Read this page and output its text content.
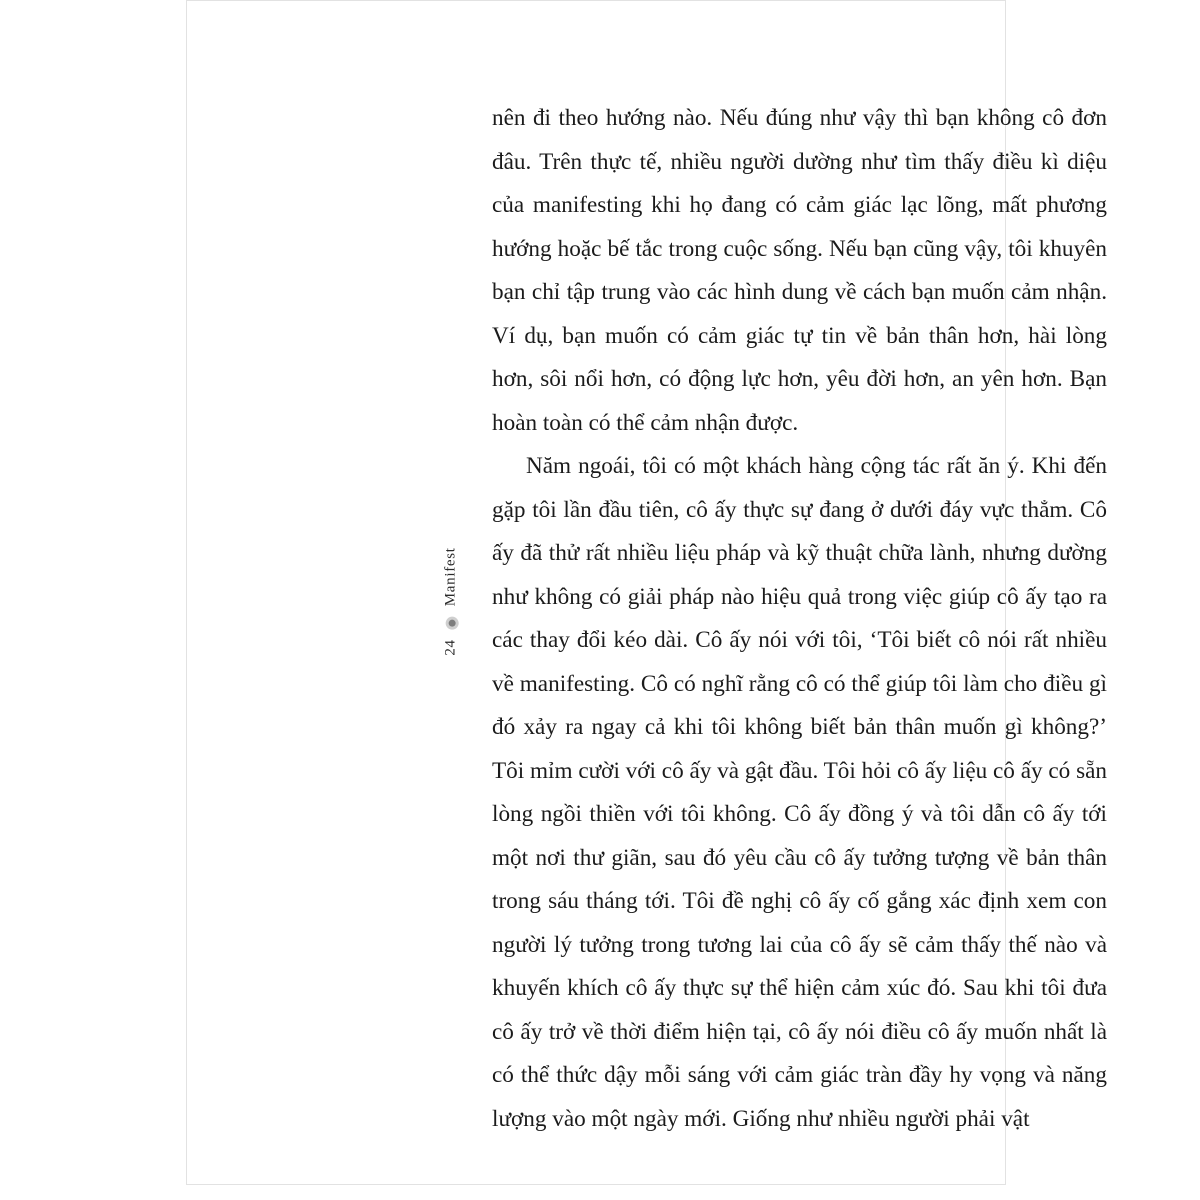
24
Manifest

nên đi theo hướng nào. Nếu đúng như vậy thì bạn không cô đơn đâu. Trên thực tế, nhiều người dường như tìm thấy điều kì diệu của manifesting khi họ đang có cảm giác lạc lõng, mất phương hướng hoặc bế tắc trong cuộc sống. Nếu bạn cũng vậy, tôi khuyên bạn chỉ tập trung vào các hình dung về cách bạn muốn cảm nhận. Ví dụ, bạn muốn có cảm giác tự tin về bản thân hơn, hài lòng hơn, sôi nổi hơn, có động lực hơn, yêu đời hơn, an yên hơn. Bạn hoàn toàn có thể cảm nhận được.

Năm ngoái, tôi có một khách hàng cộng tác rất ăn ý. Khi đến gặp tôi lần đầu tiên, cô ấy thực sự đang ở dưới đáy vực thẳm. Cô ấy đã thử rất nhiều liệu pháp và kỹ thuật chữa lành, nhưng dường như không có giải pháp nào hiệu quả trong việc giúp cô ấy tạo ra các thay đổi kéo dài. Cô ấy nói với tôi, ‘Tôi biết cô nói rất nhiều về manifesting. Cô có nghĩ rằng cô có thể giúp tôi làm cho điều gì đó xảy ra ngay cả khi tôi không biết bản thân muốn gì không?’ Tôi mỉm cười với cô ấy và gật đầu. Tôi hỏi cô ấy liệu cô ấy có sẵn lòng ngồi thiền với tôi không. Cô ấy đồng ý và tôi dẫn cô ấy tới một nơi thư giãn, sau đó yêu cầu cô ấy tưởng tượng về bản thân trong sáu tháng tới. Tôi đề nghị cô ấy cố gắng xác định xem con người lý tưởng trong tương lai của cô ấy sẽ cảm thấy thế nào và khuyến khích cô ấy thực sự thể hiện cảm xúc đó. Sau khi tôi đưa cô ấy trở về thời điểm hiện tại, cô ấy nói điều cô ấy muốn nhất là có thể thức dậy mỗi sáng với cảm giác tràn đầy hy vọng và năng lượng vào một ngày mới. Giống như nhiều người phải vật
